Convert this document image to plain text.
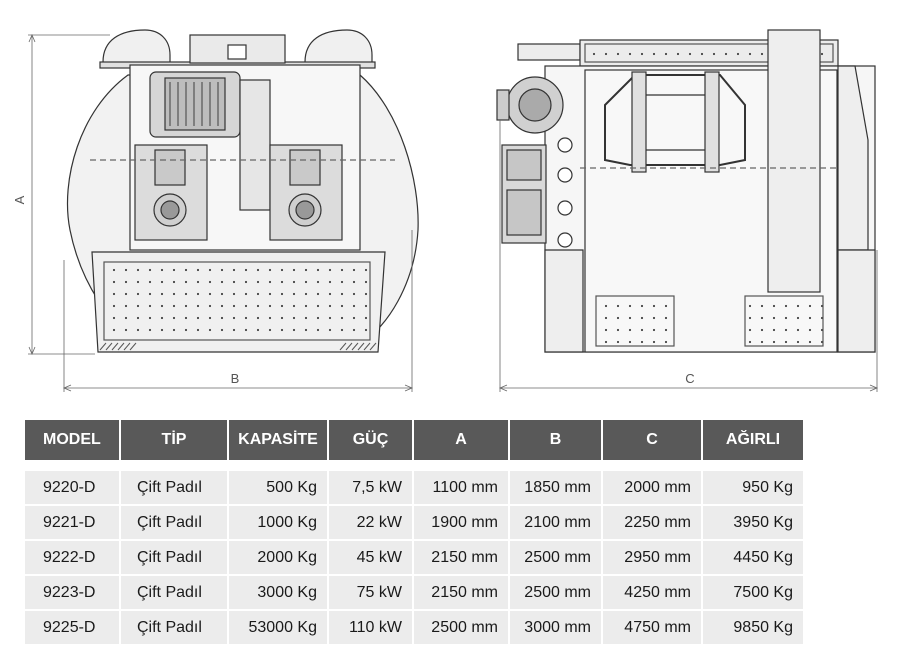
A
B	C
MODEL	TİP	KAPASİTE	GÜÇ	A	B	C	AĞIRLI

9220-D	Çift Padıl	500 Kg	7,5 kW	1100 mm	1850 mm	2000 mm	950 Kg
9221-D	Çift Padıl	1000 Kg	22 kW	1900 mm	2100 mm	2250 mm	3950 Kg
9222-D	Çift Padıl	2000 Kg	45 kW	2150 mm	2500 mm	2950 mm	4450 Kg
9223-D	Çift Padıl	3000 Kg	75 kW	2150 mm	2500 mm	4250 mm	7500 Kg
9225-D	Çift Padıl	53000 Kg	110 kW	2500 mm	3000 mm	4750 mm	9850 Kg
